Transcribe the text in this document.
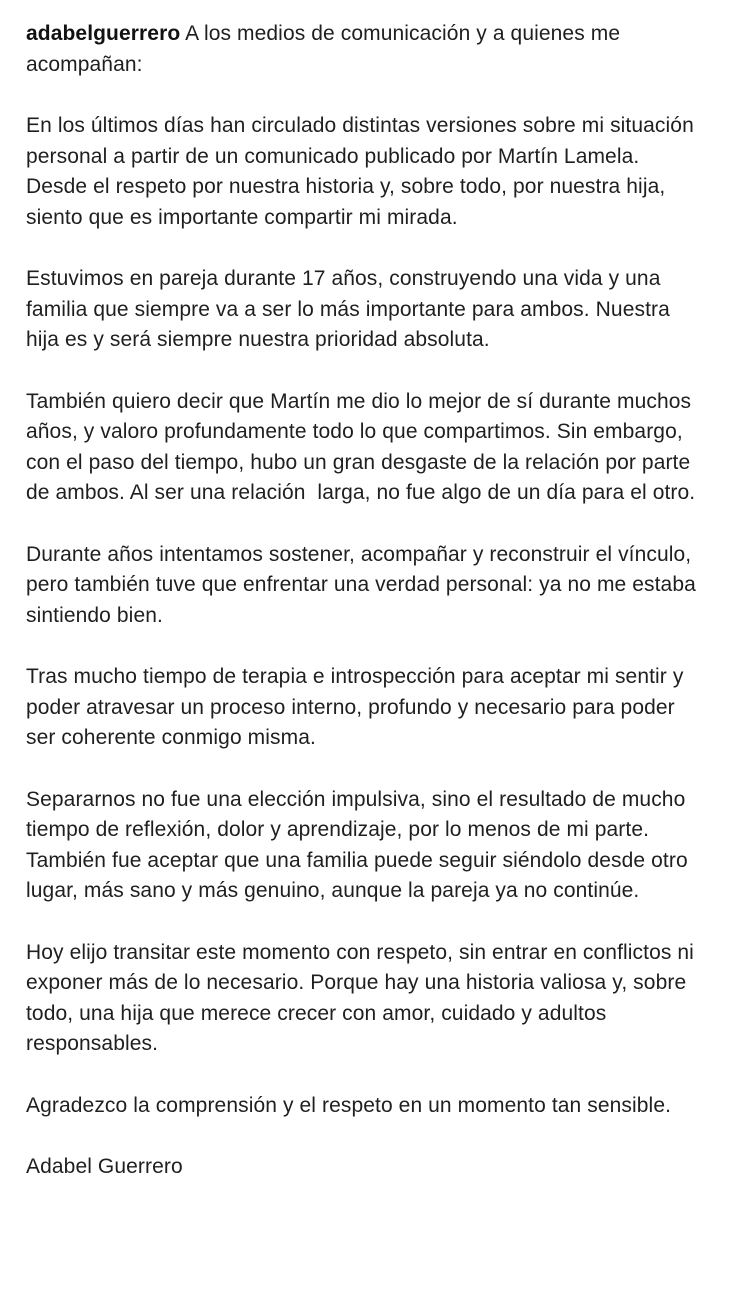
adabelguerrero A los medios de comunicación y a quienes me acompañan:

En los últimos días han circulado distintas versiones sobre mi situación personal a partir de un comunicado publicado por Martín Lamela. Desde el respeto por nuestra historia y, sobre todo, por nuestra hija, siento que es importante compartir mi mirada.

Estuvimos en pareja durante 17 años, construyendo una vida y una familia que siempre va a ser lo más importante para ambos. Nuestra hija es y será siempre nuestra prioridad absoluta.

También quiero decir que Martín me dio lo mejor de sí durante muchos años, y valoro profundamente todo lo que compartimos. Sin embargo, con el paso del tiempo, hubo un gran desgaste de la relación por parte de ambos. Al ser una relación  larga, no fue algo de un día para el otro.

Durante años intentamos sostener, acompañar y reconstruir el vínculo, pero también tuve que enfrentar una verdad personal: ya no me estaba sintiendo bien.

Tras mucho tiempo de terapia e introspección para aceptar mi sentir y poder atravesar un proceso interno, profundo y necesario para poder ser coherente conmigo misma.

Separarnos no fue una elección impulsiva, sino el resultado de mucho tiempo de reflexión, dolor y aprendizaje, por lo menos de mi parte. También fue aceptar que una familia puede seguir siéndolo desde otro lugar, más sano y más genuino, aunque la pareja ya no continúe.

Hoy elijo transitar este momento con respeto, sin entrar en conflictos ni exponer más de lo necesario. Porque hay una historia valiosa y, sobre todo, una hija que merece crecer con amor, cuidado y adultos responsables.

Agradezco la comprensión y el respeto en un momento tan sensible.

Adabel Guerrero
